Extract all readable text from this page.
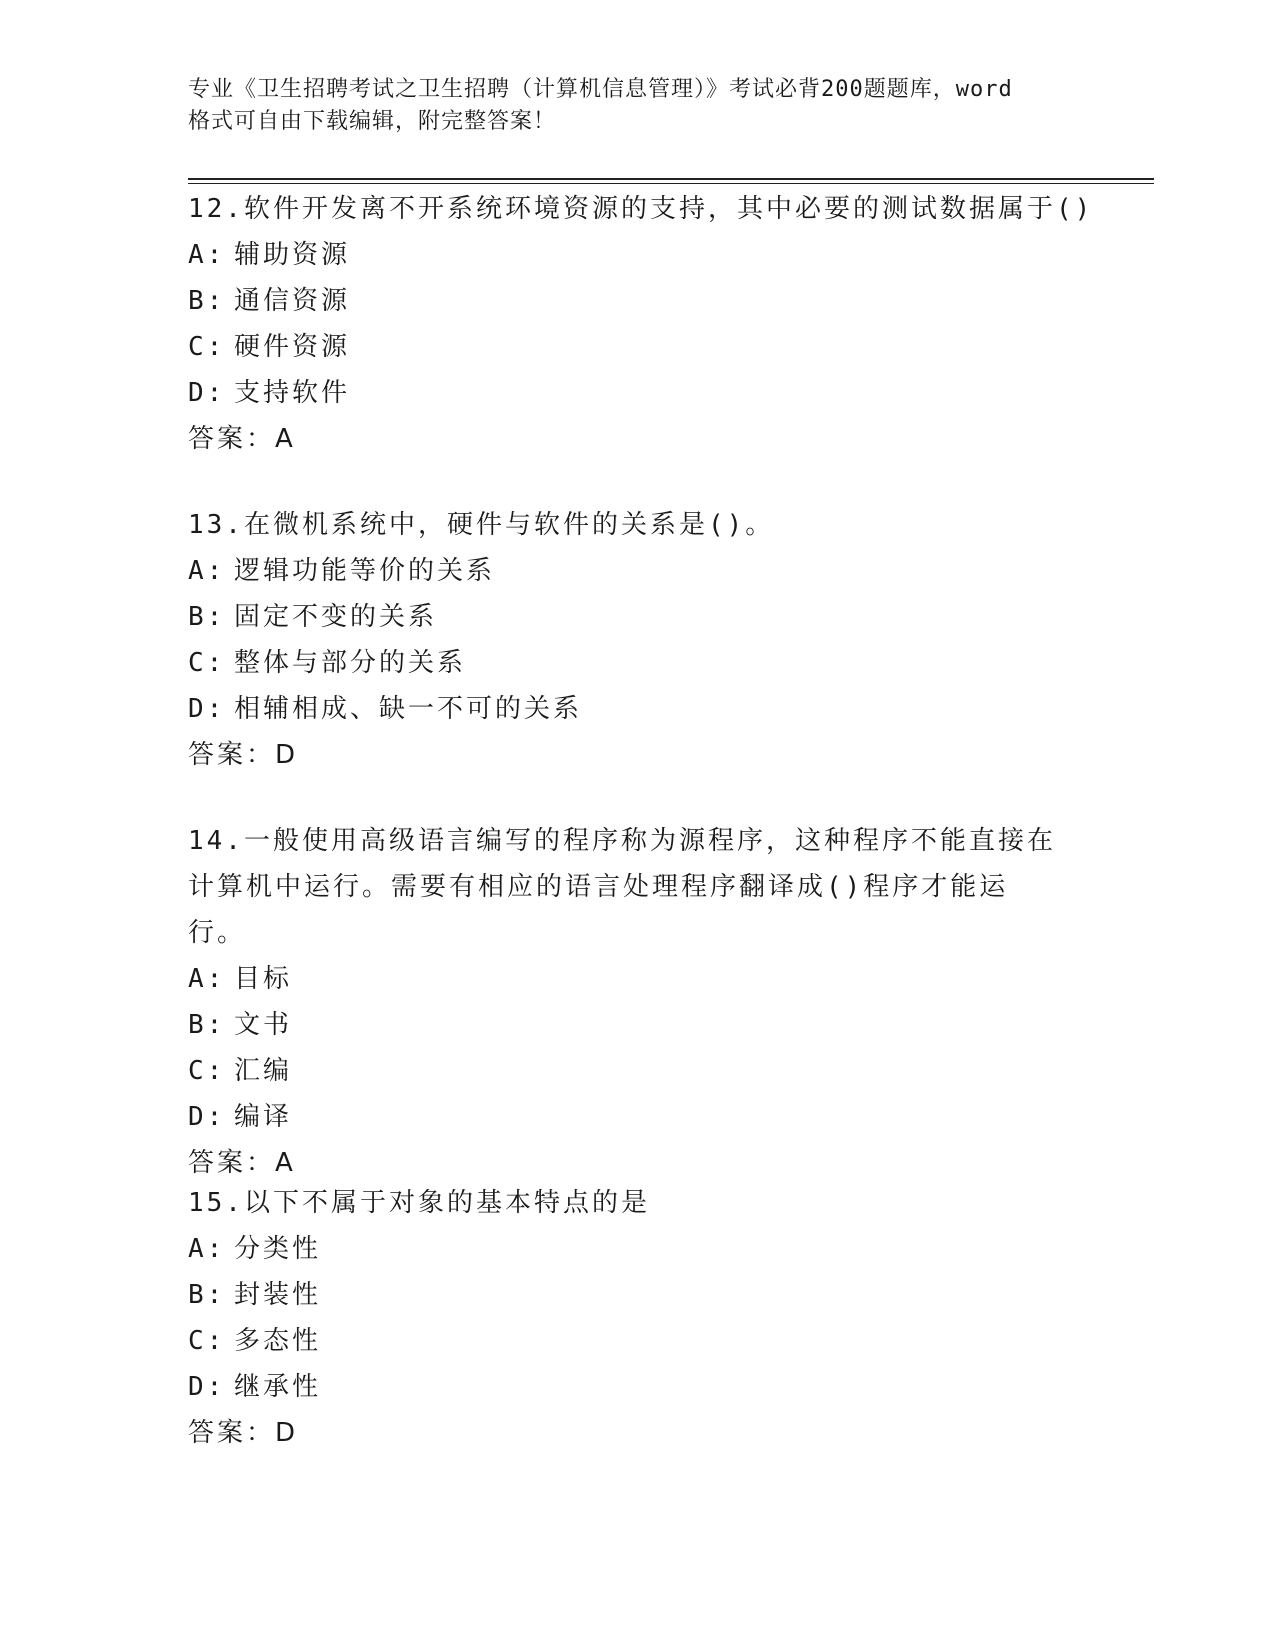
专业《卫生招聘考试之卫生招聘（计算机信息管理）》考试必背200题题库，word
格式可自由下载编辑，附完整答案！
12.软件开发离不开系统环境资源的支持，其中必要的测试数据属于()
A: 辅助资源
B: 通信资源
C: 硬件资源
D: 支持软件
答案：A
13.在微机系统中，硬件与软件的关系是()。
A: 逻辑功能等价的关系
B: 固定不变的关系
C: 整体与部分的关系
D: 相辅相成、缺一不可的关系
答案：D
14.一般使用高级语言编写的程序称为源程序，这种程序不能直接在计算机中运行。需要有相应的语言处理程序翻译成()程序才能运行。
A: 目标
B: 文书
C: 汇编
D: 编译
答案：A
15.以下不属于对象的基本特点的是
A: 分类性
B: 封装性
C: 多态性
D: 继承性
答案：D
